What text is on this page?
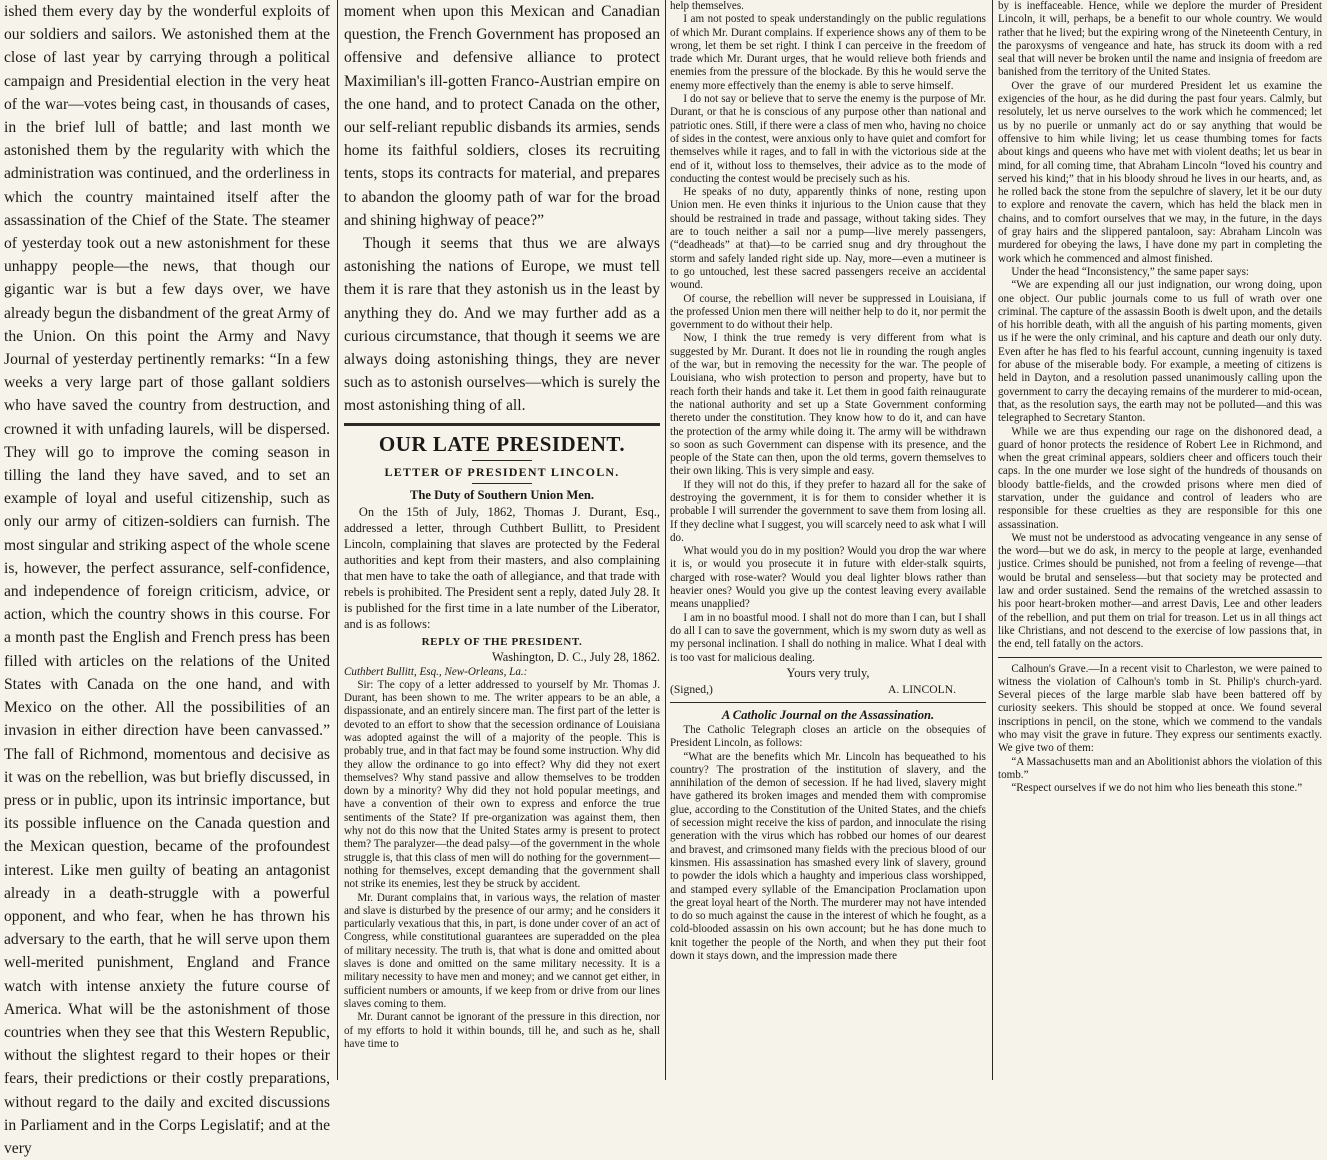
ished them every day by the wonderful exploits of our soldiers and sailors. We astonished them at the close of last year by carrying through a political campaign and Presidential election in the very heat of the war—votes being cast, in thousands of cases, in the brief lull of battle; and last month we astonished them by the regularity with which the administration was continued, and the orderliness in which the country maintained itself after the assassination of the Chief of the State. The steamer of yesterday took out a new astonishment for these unhappy people—the news, that though our gigantic war is but a few days over, we have already begun the disbandment of the great Army of the Union. On this point the Army and Navy Journal of yesterday pertinently remarks: “In a few weeks a very large part of those gallant soldiers who have saved the country from destruction, and crowned it with unfading laurels, will be dispersed. They will go to improve the coming season in tilling the land they have saved, and to set an example of loyal and useful citizenship, such as only our army of citizen-soldiers can furnish. The most singular and striking aspect of the whole scene is, however, the perfect assurance, self-confidence, and independence of foreign criticism, advice, or action, which the country shows in this course. For a month past the English and French press has been filled with articles on the relations of the United States with Canada on the one hand, and with Mexico on the other. All the possibilities of an invasion in either direction have been canvassed.” The fall of Richmond, momentous and decisive as it was on the rebellion, was but briefly discussed, in press or in public, upon its intrinsic importance, but its possible influence on the Canada question and the Mexican question, became of the profoundest interest. Like men guilty of beating an antagonist already in a death-struggle with a powerful opponent, and who fear, when he has thrown his adversary to the earth, that he will serve upon them well-merited punishment, England and France watch with intense anxiety the future course of America. What will be the astonishment of those countries when they see that this Western Republic, without the slightest regard to their hopes or their fears, their predictions or their costly preparations, without regard to the daily and excited discussions in Parliament and in the Corps Legislatif; and at the very

moment when upon this Mexican and Canadian question, the French Government has proposed an offensive and defensive alliance to protect Maximilian's ill-gotten Franco-Austrian empire on the one hand, and to protect Canada on the other, our self-reliant republic disbands its armies, sends home its faithful soldiers, closes its recruiting tents, stops its contracts for material, and prepares to abandon the gloomy path of war for the broad and shining highway of peace?”

Though it seems that thus we are always astonishing the nations of Europe, we must tell them it is rare that they astonish us in the least by anything they do. And we may further add as a curious circumstance, that though it seems we are always doing astonishing things, they are never such as to astonish ourselves—which is surely the most astonishing thing of all.

OUR LATE PRESIDENT.
LETTER OF PRESIDENT LINCOLN.
The Duty of Southern Union Men.

On the 15th of July, 1862, Thomas J. Durant, Esq., addressed a letter, through Cuthbert Bullitt, to President Lincoln, complaining that slaves are protected by the Federal authorities and kept from their masters, and also complaining that men have to take the oath of allegiance, and that trade with rebels is prohibited. The President sent a reply, dated July 28. It is published for the first time in a late number of the Liberator, and is as follows:

REPLY OF THE PRESIDENT.
Washington, D. C., July 28, 1862.
Cuthbert Bullitt, Esq., New-Orleans, La.:

Sir: The copy of a letter addressed to yourself by Mr. Thomas J. Durant, has been shown to me. The writer appears to be an able, a dispassionate, and an entirely sincere man. The first part of the letter is devoted to an effort to show that the secession ordinance of Louisiana was adopted against the will of a majority of the people. This is probably true, and in that fact may be found some instruction. Why did they allow the ordinance to go into effect? Why did they not exert themselves? Why stand passive and allow themselves to be trodden down by a minority? Why did they not hold popular meetings, and have a convention of their own to express and enforce the true sentiments of the State? If pre-organization was against them, then why not do this now that the United States army is present to protect them? The paralyzer—the dead palsy—of the government in the whole struggle is, that this class of men will do nothing for the government—nothing for themselves, except demanding that the government shall not strike its enemies, lest they be struck by accident.

Mr. Durant complains that, in various ways, the relation of master and slave is disturbed by the presence of our army; and he considers it particularly vexatious that this, in part, is done under cover of an act of Congress, while constitutional guarantees are superadded on the plea of military necessity. The truth is, that what is done and omitted about slaves is done and omitted on the same military necessity. It is a military necessity to have men and money; and we cannot get either, in sufficient numbers or amounts, if we keep from or drive from our lines slaves coming to them.

Mr. Durant cannot be ignorant of the pressure in this direction, nor of my efforts to hold it within bounds, till he, and such as he, shall have time to

help themselves.

I am not posted to speak understandingly on the public regulations of which Mr. Durant complains. If experience shows any of them to be wrong, let them be set right. I think I can perceive in the freedom of trade which Mr. Durant urges, that he would relieve both friends and enemies from the pressure of the blockade. By this he would serve the enemy more effectively than the enemy is able to serve himself.

I do not say or believe that to serve the enemy is the purpose of Mr. Durant, or that he is conscious of any purpose other than national and patriotic ones. Still, if there were a class of men who, having no choice of sides in the contest, were anxious only to have quiet and comfort for themselves while it rages, and to fall in with the victorious side at the end of it, without loss to themselves, their advice as to the mode of conducting the contest would be precisely such as his.

He speaks of no duty, apparently thinks of none, resting upon Union men. He even thinks it injurious to the Union cause that they should be restrained in trade and passage, without taking sides. They are to touch neither a sail nor a pump—live merely passengers, (“deadheads” at that)—to be carried snug and dry throughout the storm and safely landed right side up. Nay, more—even a mutineer is to go untouched, lest these sacred passengers receive an accidental wound.

Of course, the rebellion will never be suppressed in Louisiana, if the professed Union men there will neither help to do it, nor permit the government to do without their help.

Now, I think the true remedy is very different from what is suggested by Mr. Durant. It does not lie in rounding the rough angles of the war, but in removing the necessity for the war. The people of Louisiana, who wish protection to person and property, have but to reach forth their hands and take it. Let them in good faith reinaugurate the national authority and set up a State Government conforming thereto under the constitution. They know how to do it, and can have the protection of the army while doing it. The army will be withdrawn so soon as such Government can dispense with its presence, and the people of the State can then, upon the old terms, govern themselves to their own liking. This is very simple and easy.

If they will not do this, if they prefer to hazard all for the sake of destroying the government, it is for them to consider whether it is probable I will surrender the government to save them from losing all. If they decline what I suggest, you will scarcely need to ask what I will do.

What would you do in my position? Would you drop the war where it is, or would you prosecute it in future with elder-stalk squirts, charged with rose-water? Would you deal lighter blows rather than heavier ones? Would you give up the contest leaving every available means unapplied?

I am in no boastful mood. I shall not do more than I can, but I shall do all I can to save the government, which is my sworn duty as well as my personal inclination. I shall do nothing in malice. What I deal with is too vast for malicious dealing.

Yours very truly,
(Signed,)	A. LINCOLN.
A Catholic Journal on the Assassination.

The Catholic Telegraph closes an article on the obsequies of President Lincoln, as follows:

“What are the benefits which Mr. Lincoln has bequeathed to his country? The prostration of the institution of slavery, and the annihilation of the demon of secession. If he had lived, slavery might have gathered its broken images and mended them with compromise glue, according to the Constitution of the United States, and the chiefs of secession might receive the kiss of pardon, and innoculate the rising generation with the virus which has robbed our homes of our dearest and bravest, and crimsoned many fields with the precious blood of our kinsmen. His assassination has smashed every link of slavery, ground to powder the idols which a haughty and imperious class worshipped, and stamped every syllable of the Emancipation Proclamation upon the great loyal heart of the North. The murderer may not have intended to do so much against the cause in the interest of which he fought, as a cold-blooded assassin on his own account; but he has done much to knit together the people of the North, and when they put their foot down it stays down, and the impression made there

by is ineffaceable. Hence, while we deplore the murder of President Lincoln, it will, perhaps, be a benefit to our whole country. We would rather that he lived; but the expiring wrong of the Nineteenth Century, in the paroxysms of vengeance and hate, has struck its doom with a red seal that will never be broken until the name and insignia of freedom are banished from the territory of the United States.

Over the grave of our murdered President let us examine the exigencies of the hour, as he did during the past four years. Calmly, but resolutely, let us nerve ourselves to the work which he commenced; let us by no puerile or unmanly act do or say anything that would be offensive to him while living; let us cease thumbing tomes for facts about kings and queens who have met with violent deaths; let us bear in mind, for all coming time, that Abraham Lincoln “loved his country and served his kind;” that in his bloody shroud he lives in our hearts, and, as he rolled back the stone from the sepulchre of slavery, let it be our duty to explore and renovate the cavern, which has held the black men in chains, and to comfort ourselves that we may, in the future, in the days of gray hairs and the slippered pantaloon, say: Abraham Lincoln was murdered for obeying the laws, I have done my part in completing the work which he commenced and almost finished.

Under the head “Inconsistency,” the same paper says:

“We are expending all our just indignation, our wrong doing, upon one object. Our public journals come to us full of wrath over one criminal. The capture of the assassin Booth is dwelt upon, and the details of his horrible death, with all the anguish of his parting moments, given us if he were the only criminal, and his capture and death our only duty. Even after he has fled to his fearful account, cunning ingenuity is taxed for abuse of the miserable body. For example, a meeting of citizens is held in Dayton, and a resolution passed unanimously calling upon the government to carry the decaying remains of the murderer to mid-ocean, that, as the resolution says, the earth may not be polluted—and this was telegraphed to Secretary Stanton.

While we are thus expending our rage on the dishonored dead, a guard of honor protects the residence of Robert Lee in Richmond, and when the great criminal appears, soldiers cheer and officers touch their caps. In the one murder we lose sight of the hundreds of thousands on bloody battle-fields, and the crowded prisons where men died of starvation, under the guidance and control of leaders who are responsible for these cruelties as they are responsible for this one assassination.

We must not be understood as advocating vengeance in any sense of the word—but we do ask, in mercy to the people at large, evenhanded justice. Crimes should be punished, not from a feeling of revenge—that would be brutal and senseless—but that society may be protected and law and order sustained. Send the remains of the wretched assassin to his poor heart-broken mother—and arrest Davis, Lee and other leaders of the rebellion, and put them on trial for treason. Let us in all things act like Christians, and not descend to the exercise of low passions that, in the end, tell fatally on the actors.

Calhoun's Grave.—In a recent visit to Charleston, we were pained to witness the violation of Calhoun's tomb in St. Philip's church-yard. Several pieces of the large marble slab have been battered off by curiosity seekers. This should be stopped at once. We found several inscriptions in pencil, on the stone, which we commend to the vandals who may visit the grave in future. They express our sentiments exactly. We give two of them:

“A Massachusetts man and an Abolitionist abhors the violation of this tomb.”

“Respect ourselves if we do not him who lies beneath this stone.”
